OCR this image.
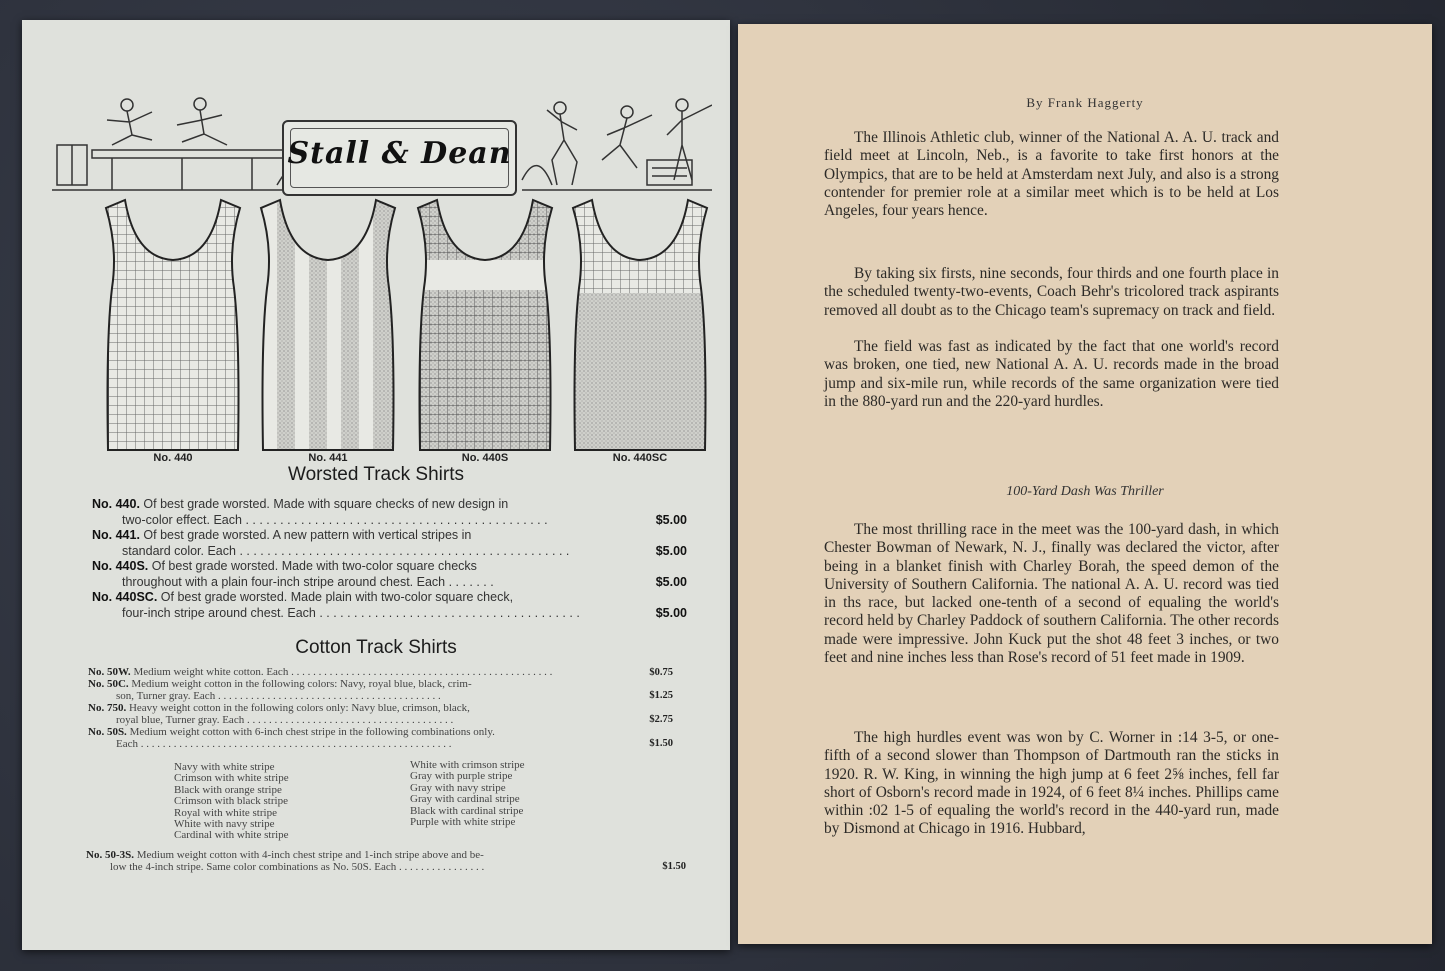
Stall & Dean
No. 440	No. 441	No. 440S	No. 440SC
Worsted Track Shirts
No. 440. Of best grade worsted. Made with square checks of new design in
two-color effect. Each . . . . . . . . . . . . . . . . . . . . . . . . . . . . . . . . . . . . . . . . . . . .	$5.00
No. 441. Of best grade worsted. A new pattern with vertical stripes in
standard color. Each . . . . . . . . . . . . . . . . . . . . . . . . . . . . . . . . . . . . . . . . . . . . . . . .	$5.00
No. 440S. Of best grade worsted. Made with two-color square checks
throughout with a plain four-inch stripe around chest. Each . . . . . . .	$5.00
No. 440SC. Of best grade worsted. Made plain with two-color square check,
four-inch stripe around chest. Each . . . . . . . . . . . . . . . . . . . . . . . . . . . . . . . . . . . . . .	$5.00
Cotton Track Shirts
No. 50W. Medium weight white cotton. Each . . . . . . . . . . . . . . . . . . . . . . . . . . . . . . . . . . . . . . . . . . . . . . . .	$0.75
No. 50C. Medium weight cotton in the following colors: Navy, royal blue, black, crim-
son, Turner gray. Each . . . . . . . . . . . . . . . . . . . . . . . . . . . . . . . . . . . . . . . . .	$1.25
No. 750. Heavy weight cotton in the following colors only: Navy blue, crimson, black,
royal blue, Turner gray. Each . . . . . . . . . . . . . . . . . . . . . . . . . . . . . . . . . . . . . .	$2.75
No. 50S. Medium weight cotton with 6-inch chest stripe in the following combinations only.
Each . . . . . . . . . . . . . . . . . . . . . . . . . . . . . . . . . . . . . . . . . . . . . . . . . . . . . . . . .	$1.50
Navy with white stripe
Crimson with white stripe
Black with orange stripe
Crimson with black stripe
Royal with white stripe
White with navy stripe
Cardinal with white stripe
White with crimson stripe
Gray with purple stripe
Gray with navy stripe
Gray with cardinal stripe
Black with cardinal stripe
Purple with white stripe
No. 50-3S. Medium weight cotton with 4-inch chest stripe and 1-inch stripe above and be-
low the 4-inch stripe. Same color combinations as No. 50S. Each . . . . . . . . . . . . . . . .	$1.50
By Frank Haggerty
The Illinois Athletic club, winner of the National A. A. U. track and field meet at Lincoln, Neb., is a favorite to take first honors at the Olympics, that are to be held at Amsterdam next July, and also is a strong contender for premier role at a similar meet which is to be held at Los Angeles, four years hence.
By taking six firsts, nine seconds, four thirds and one fourth place in the scheduled twenty-two-events, Coach Behr's tricolored track aspirants removed all doubt as to the Chicago team's supremacy on track and field.
The field was fast as indicated by the fact that one world's record was broken, one tied, new National A. A. U. records made in the broad jump and six-mile run, while records of the same organization were tied in the 880-yard run and the 220-yard hurdles.
100-Yard Dash Was Thriller
The most thrilling race in the meet was the 100-yard dash, in which Chester Bowman of Newark, N. J., finally was declared the victor, after being in a blanket finish with Charley Borah, the speed demon of the University of Southern California. The national A. A. U. record was tied in ths race, but lacked one-tenth of a second of equaling the world's record held by Charley Paddock of southern California. The other records made were impressive. John Kuck put the shot 48 feet 3 inches, or two feet and nine inches less than Rose's record of 51 feet made in 1909.
The high hurdles event was won by C. Worner in :14 3-5, or one-fifth of a second slower than Thompson of Dartmouth ran the sticks in 1920. R. W. King, in winning the high jump at 6 feet 2⅝ inches, fell far short of Osborn's record made in 1924, of 6 feet 8¼ inches. Phillips came within :02 1-5 of equaling the world's record in the 440-yard run, made by Dismond at Chicago in 1916. Hubbard,
